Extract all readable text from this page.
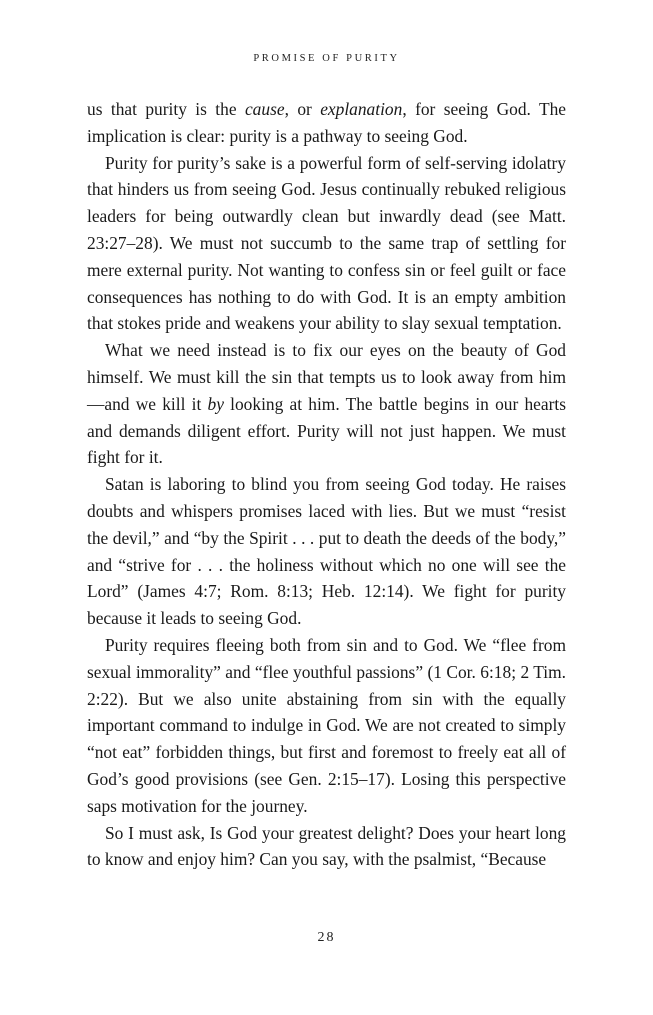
PROMISE OF PURITY

us that purity is the cause, or explanation, for seeing God. The implication is clear: purity is a pathway to seeing God.

Purity for purity’s sake is a powerful form of self-serving idolatry that hinders us from seeing God. Jesus continually rebuked religious leaders for being outwardly clean but inwardly dead (see Matt. 23:27–28). We must not succumb to the same trap of settling for mere external purity. Not wanting to confess sin or feel guilt or face consequences has nothing to do with God. It is an empty ambition that stokes pride and weakens your ability to slay sexual temptation.

What we need instead is to fix our eyes on the beauty of God himself. We must kill the sin that tempts us to look away from him—and we kill it by looking at him. The battle begins in our hearts and demands diligent effort. Purity will not just happen. We must fight for it.

Satan is laboring to blind you from seeing God today. He raises doubts and whispers promises laced with lies. But we must “resist the devil,” and “by the Spirit . . . put to death the deeds of the body,” and “strive for . . . the holiness without which no one will see the Lord” (James 4:7; Rom. 8:13; Heb. 12:14). We fight for purity because it leads to seeing God.

Purity requires fleeing both from sin and to God. We “flee from sexual immorality” and “flee youthful passions” (1 Cor. 6:18; 2 Tim. 2:22). But we also unite abstaining from sin with the equally important command to indulge in God. We are not created to simply “not eat” forbidden things, but first and foremost to freely eat all of God’s good provisions (see Gen. 2:15–17). Losing this perspective saps motivation for the journey.

So I must ask, Is God your greatest delight? Does your heart long to know and enjoy him? Can you say, with the psalmist, “Because

28
